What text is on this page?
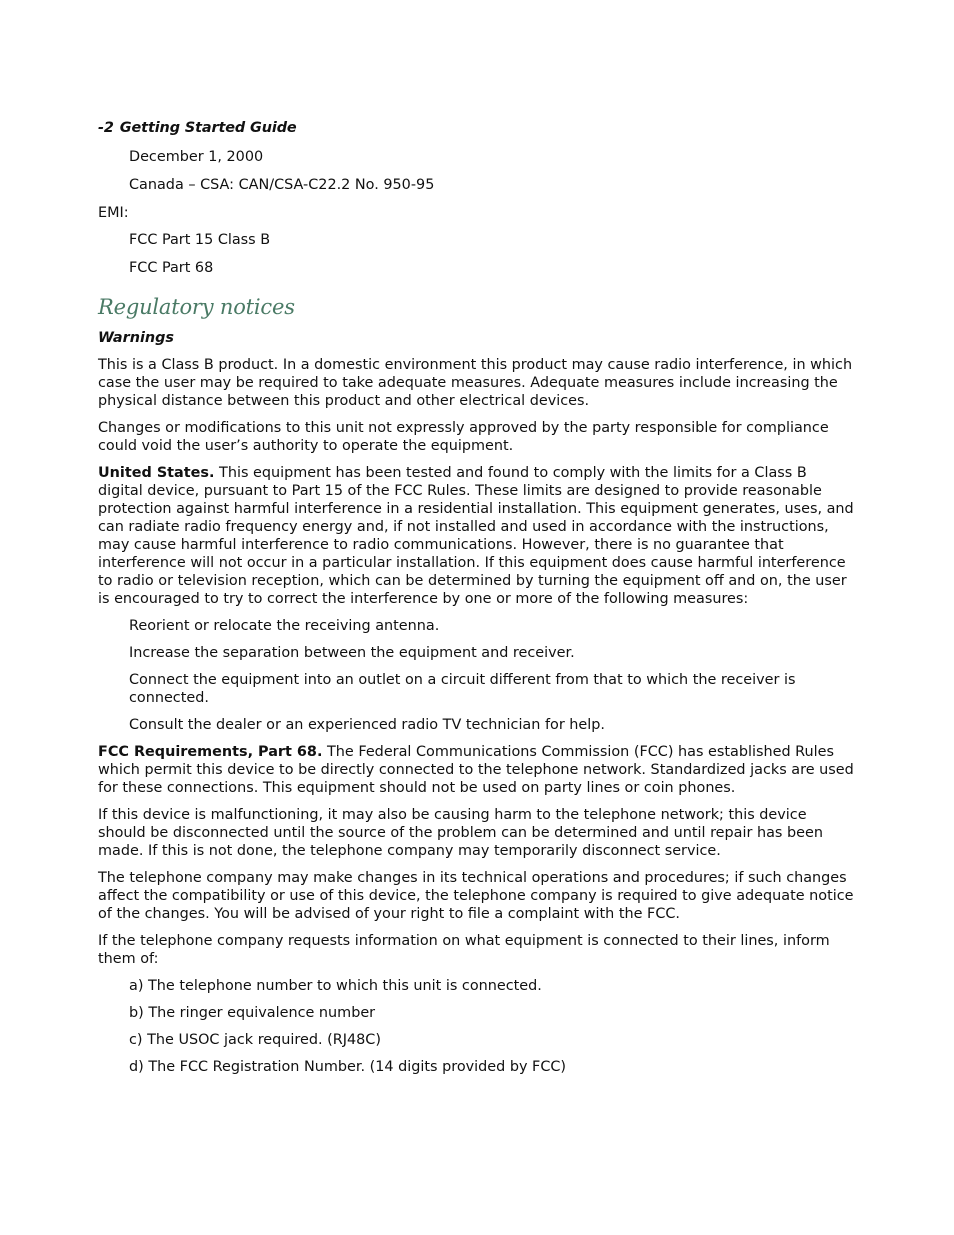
-2 Getting Started Guide
December 1, 2000
Canada – CSA: CAN/CSA-C22.2 No. 950-95
EMI:
FCC Part 15 Class B
FCC Part 68
Regulatory notices
Warnings

This is a Class B product. In a domestic environment this product may cause radio interference, in which case the user may be required to take adequate measures. Adequate measures include increasing the physical distance between this product and other electrical devices.

Changes or modifications to this unit not expressly approved by the party responsible for compliance could void the user’s authority to operate the equipment.

United States. This equipment has been tested and found to comply with the limits for a Class B digital device, pursuant to Part 15 of the FCC Rules. These limits are designed to provide reasonable protection against harmful interference in a residential installation. This equipment generates, uses, and can radiate radio frequency energy and, if not installed and used in accordance with the instructions, may cause harmful interference to radio communications. However, there is no guarantee that interference will not occur in a particular installation. If this equipment does cause harmful interference to radio or television reception, which can be determined by turning the equipment off and on, the user is encouraged to try to correct the interference by one or more of the following measures:

Reorient or relocate the receiving antenna.
Increase the separation between the equipment and receiver.
Connect the equipment into an outlet on a circuit different from that to which the receiver is connected.
Consult the dealer or an experienced radio TV technician for help.

FCC Requirements, Part 68. The Federal Communications Commission (FCC) has established Rules which permit this device to be directly connected to the telephone network. Standardized jacks are used for these connections. This equipment should not be used on party lines or coin phones.

If this device is malfunctioning, it may also be causing harm to the telephone network; this device should be disconnected until the source of the problem can be determined and until repair has been made. If this is not done, the telephone company may temporarily disconnect service.

The telephone company may make changes in its technical operations and procedures; if such changes affect the compatibility or use of this device, the telephone company is required to give adequate notice of the changes. You will be advised of your right to file a complaint with the FCC.

If the telephone company requests information on what equipment is connected to their lines, inform them of:

a) The telephone number to which this unit is connected.
b) The ringer equivalence number
c) The USOC jack required. (RJ48C)
d) The FCC Registration Number. (14 digits provided by FCC)
